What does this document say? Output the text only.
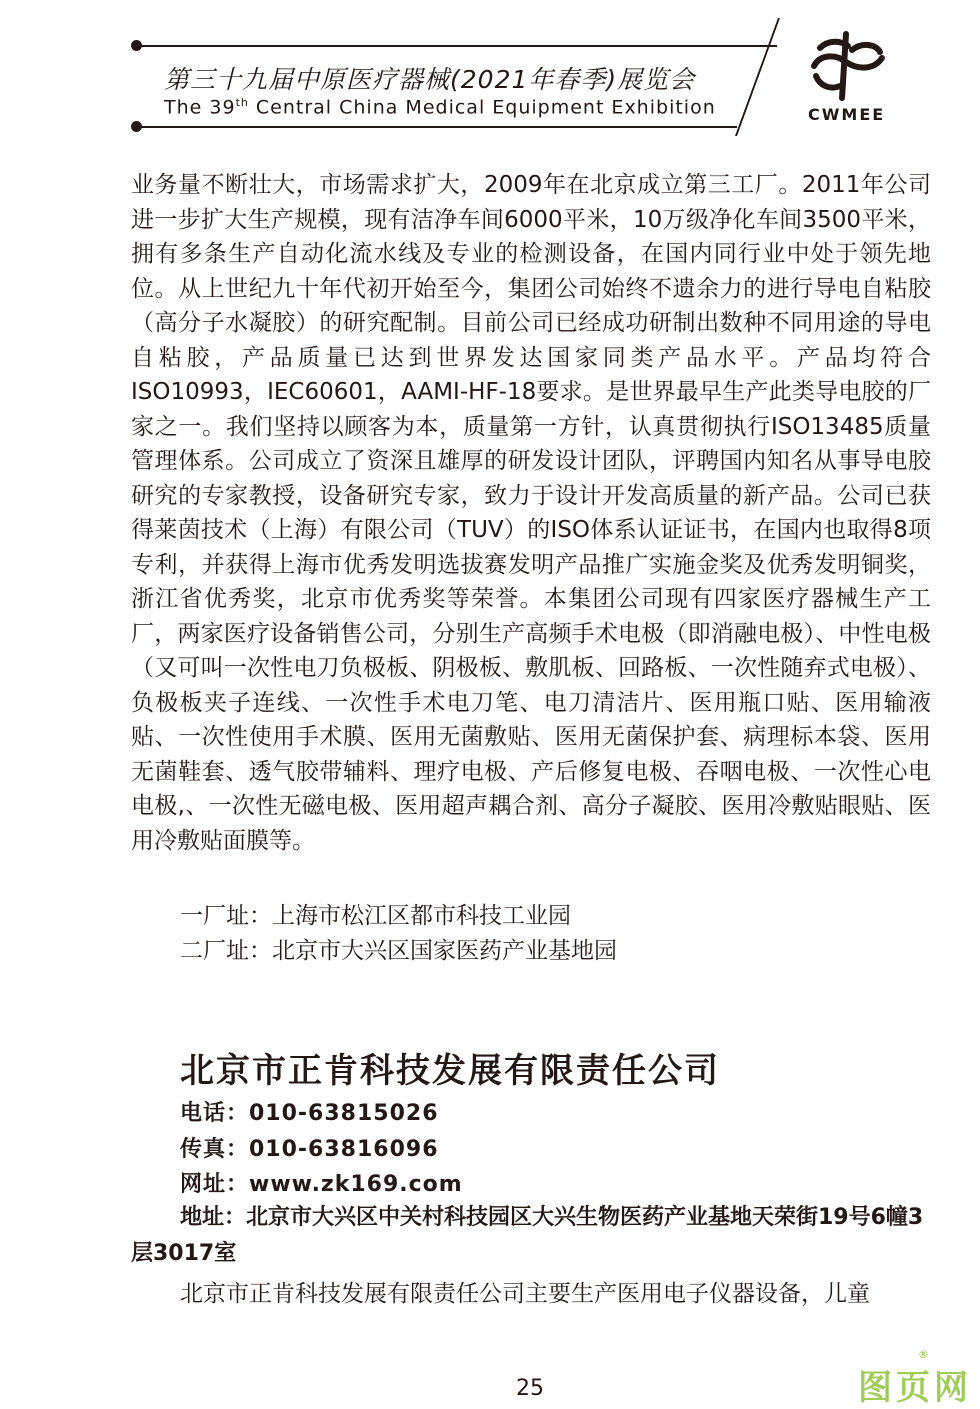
第三十九届中原医疗器械(2021年春季)展览会
The 39th Central China Medical Equipment Exhibition	CWMEE

业务量不断壮大，市场需求扩大，2009年在北京成立第三工厂。2011年公司进一步扩大生产规模，现有洁净车间6000平米，10万级净化车间3500平米，拥有多条生产自动化流水线及专业的检测设备，在国内同行业中处于领先地位。从上世纪九十年代初开始至今，集团公司始终不遗余力的进行导电自粘胶（高分子水凝胶）的研究配制。目前公司已经成功研制出数种不同用途的导电自粘胶，产品质量已达到世界发达国家同类产品水平。产品均符合ISO10993，IEC60601，AAMI-HF-18要求。是世界最早生产此类导电胶的厂家之一。我们坚持以顾客为本，质量第一方针，认真贯彻执行ISO13485质量管理体系。公司成立了资深且雄厚的研发设计团队，评聘国内知名从事导电胶研究的专家教授，设备研究专家，致力于设计开发高质量的新产品。公司已获得莱茵技术（上海）有限公司（TUV）的ISO体系认证证书，在国内也取得8项专利，并获得上海市优秀发明选拔赛发明产品推广实施金奖及优秀发明铜奖，浙江省优秀奖，北京市优秀奖等荣誉。本集团公司现有四家医疗器械生产工厂，两家医疗设备销售公司，分别生产高频手术电极（即消融电极）、中性电极（又可叫一次性电刀负极板、阴极板、敷肌板、回路板、一次性随弃式电极）、负极板夹子连线、一次性手术电刀笔、电刀清洁片、医用瓶口贴、医用输液贴、一次性使用手术膜、医用无菌敷贴、医用无菌保护套、病理标本袋、医用无菌鞋套、透气胶带辅料、理疗电极、产后修复电极、吞咽电极、一次性心电电极,、一次性无磁电极、医用超声耦合剂、高分子凝胶、医用冷敷贴眼贴、医用冷敷贴面膜等。

一厂址：上海市松江区都市科技工业园
二厂址：北京市大兴区国家医药产业基地园
北京市正肯科技发展有限责任公司
电话：010-63815026
传真：010-63816096
网址：www.zk169.com
地址：北京市大兴区中关村科技园区大兴生物医药产业基地天荣街19号6幢3层3017室
北京市正肯科技发展有限责任公司主要生产医用电子仪器设备，儿童
25	图页网
®
